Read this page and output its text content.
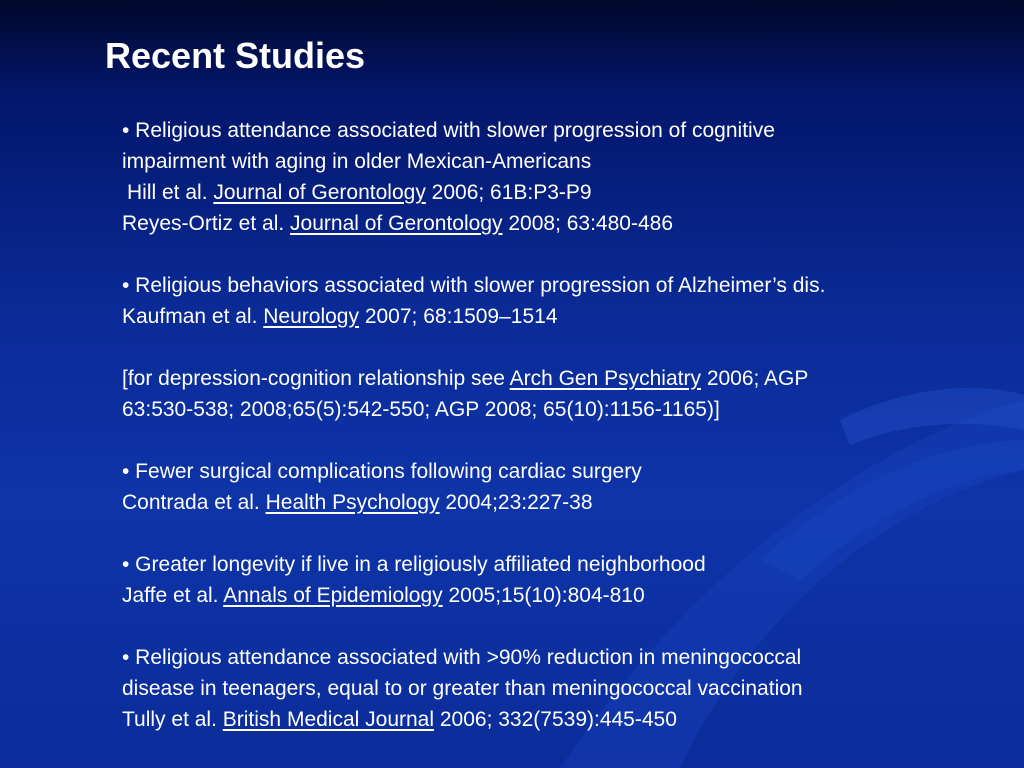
Recent Studies
• Religious attendance associated with slower progression of cognitive
impairment with aging in older Mexican-Americans
Hill et al. Journal of Gerontology 2006; 61B:P3-P9
Reyes-Ortiz et al. Journal of Gerontology 2008; 63:480-486
• Religious behaviors associated with slower progression of Alzheimer’s dis.
Kaufman et al. Neurology 2007; 68:1509–1514
[for depression-cognition relationship see Arch Gen Psychiatry 2006; AGP
63:530-538; 2008;65(5):542-550; AGP 2008; 65(10):1156-1165)]
• Fewer surgical complications following cardiac surgery
Contrada et al. Health Psychology 2004;23:227-38
• Greater longevity if live in a religiously affiliated neighborhood
Jaffe et al. Annals of Epidemiology 2005;15(10):804-810
• Religious attendance associated with >90% reduction in meningococcal
disease in teenagers, equal to or greater than meningococcal vaccination
Tully et al. British Medical Journal 2006; 332(7539):445-450
